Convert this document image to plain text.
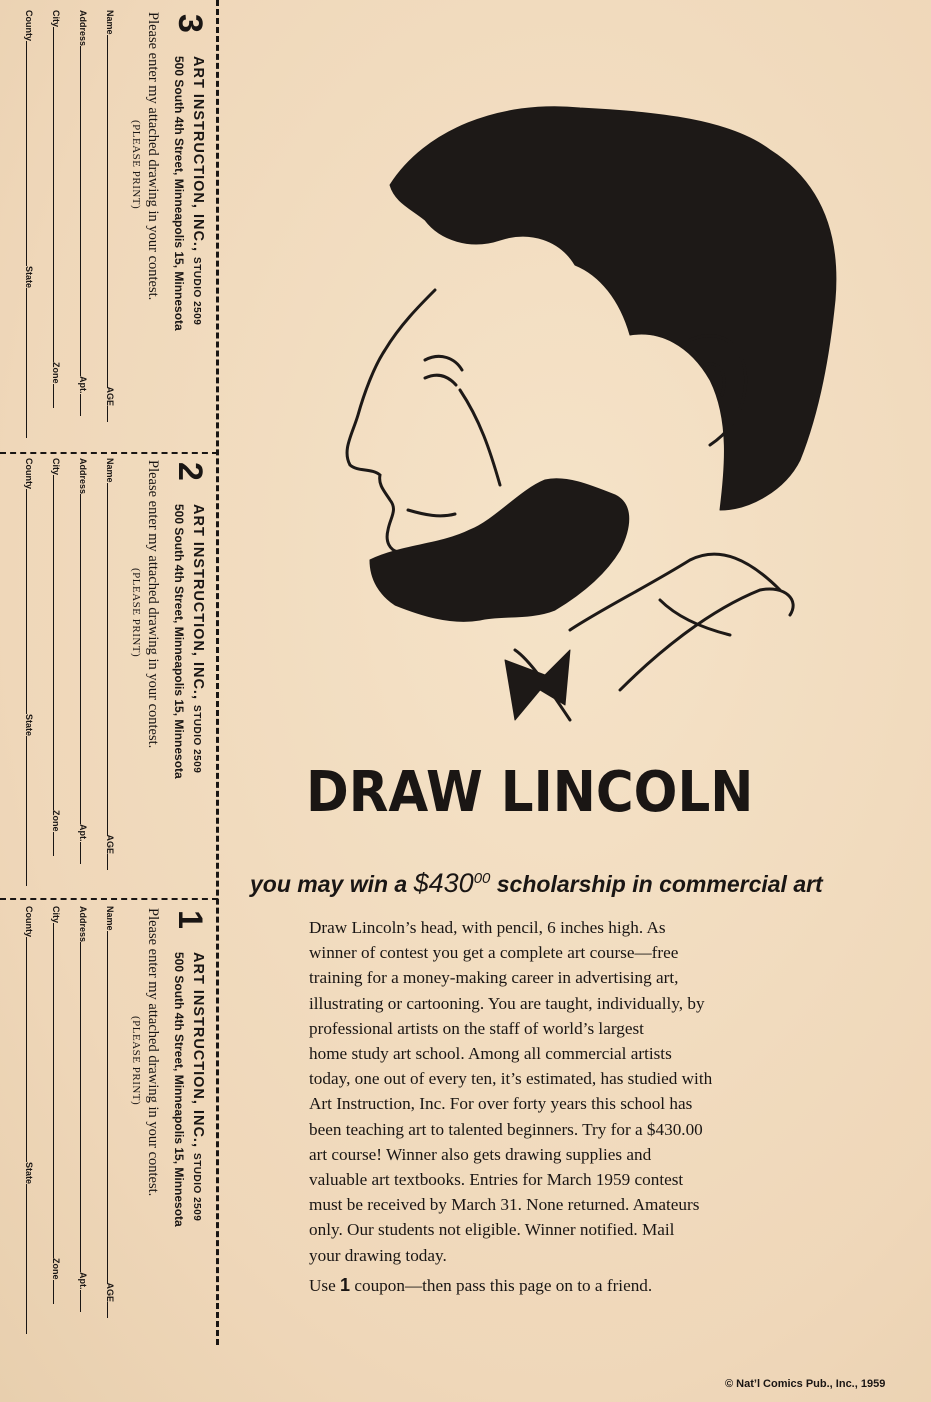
3
ART INSTRUCTION, INC., STUDIO 2509
500 South 4th Street, Minneapolis 15, Minnesota
Please enter my attached drawing in your contest.
(PLEASE PRINT)
NameAGE
AddressApt.
CityZone
CountyState
2
ART INSTRUCTION, INC., STUDIO 2509
500 South 4th Street, Minneapolis 15, Minnesota
Please enter my attached drawing in your contest.
(PLEASE PRINT)
NameAGE
AddressApt.
CityZone
CountyState
1
ART INSTRUCTION, INC., STUDIO 2509
500 South 4th Street, Minneapolis 15, Minnesota
Please enter my attached drawing in your contest.
(PLEASE PRINT)
NameAGE
AddressApt.
CityZone
CountyState
DRAW LINCOLN
you may win a $\$430^{00}$ scholarship in commercial art
Draw Lincoln’s head, with pencil, 6 inches high. As
winner of contest you get a complete art course—free
training for a money-making career in advertising art,
illustrating or cartooning. You are taught, individually, by
professional artists on the staff of world’s largest
home study art school. Among all commercial artists
today, one out of every ten, it’s estimated, has studied with
Art Instruction, Inc. For over forty years this school has
been teaching art to talented beginners. Try for a $430.00
art course! Winner also gets drawing supplies and
valuable art textbooks. Entries for March 1959 contest
must be received by March 31. None returned. Amateurs
only. Our students not eligible. Winner notified. Mail
your drawing today.
Use 1 coupon—then pass this page on to a friend.
© Nat’l Comics Pub., Inc., 1959
